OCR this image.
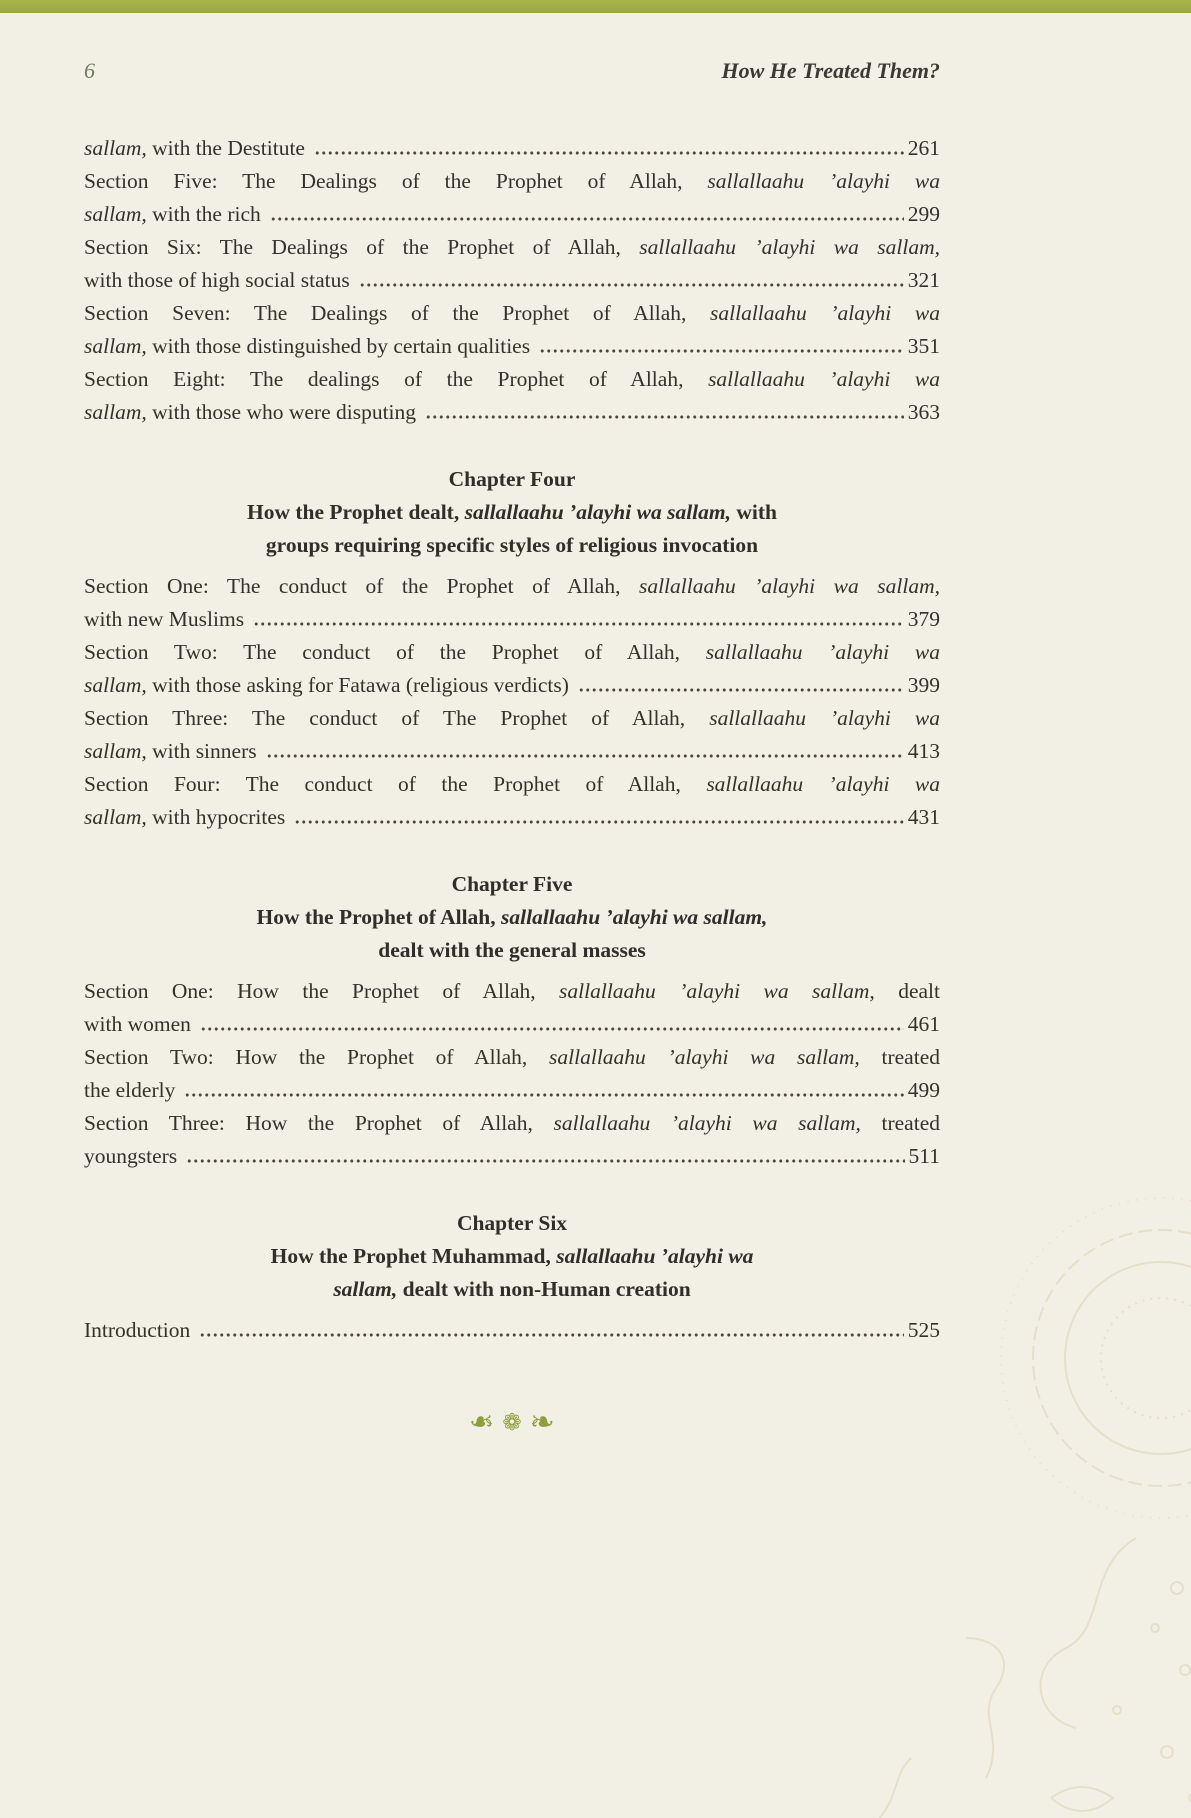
6	How He Treated Them?
sallam, with the Destitute	261
Section Five: The Dealings of the Prophet of Allah, sallallaahu ’alayhi wa
sallam, with the rich	299
Section Six: The Dealings of the Prophet of Allah, sallallaahu ’alayhi wa sallam,
with those of high social status	321
Section Seven: The Dealings of the Prophet of Allah, sallallaahu ’alayhi wa
sallam, with those distinguished by certain qualities	351
Section Eight: The dealings of the Prophet of Allah, sallallaahu ’alayhi wa
sallam, with those who were disputing	363
Chapter Four
How the Prophet dealt, sallallaahu ’alayhi wa sallam, with
groups requiring specific styles of religious invocation
Section One: The conduct of the Prophet of Allah, sallallaahu ’alayhi wa sallam,
with new Muslims	379
Section Two: The conduct of the Prophet of Allah, sallallaahu ’alayhi wa
sallam, with those asking for Fatawa (religious verdicts)	399
Section Three: The conduct of The Prophet of Allah, sallallaahu ’alayhi wa
sallam, with sinners	413
Section Four: The conduct of the Prophet of Allah, sallallaahu ’alayhi wa
sallam, with hypocrites	431
Chapter Five
How the Prophet of Allah, sallallaahu ’alayhi wa sallam,
dealt with the general masses
Section One: How the Prophet of Allah, sallallaahu ’alayhi wa sallam, dealt
with women	461
Section Two: How the Prophet of Allah, sallallaahu ’alayhi wa sallam, treated
the elderly	499
Section Three: How the Prophet of Allah, sallallaahu ’alayhi wa sallam, treated
youngsters	511
Chapter Six
How the Prophet Muhammad, sallallaahu ’alayhi wa
sallam, dealt with non-Human creation
Introduction	525
❧ ❁ ❧
